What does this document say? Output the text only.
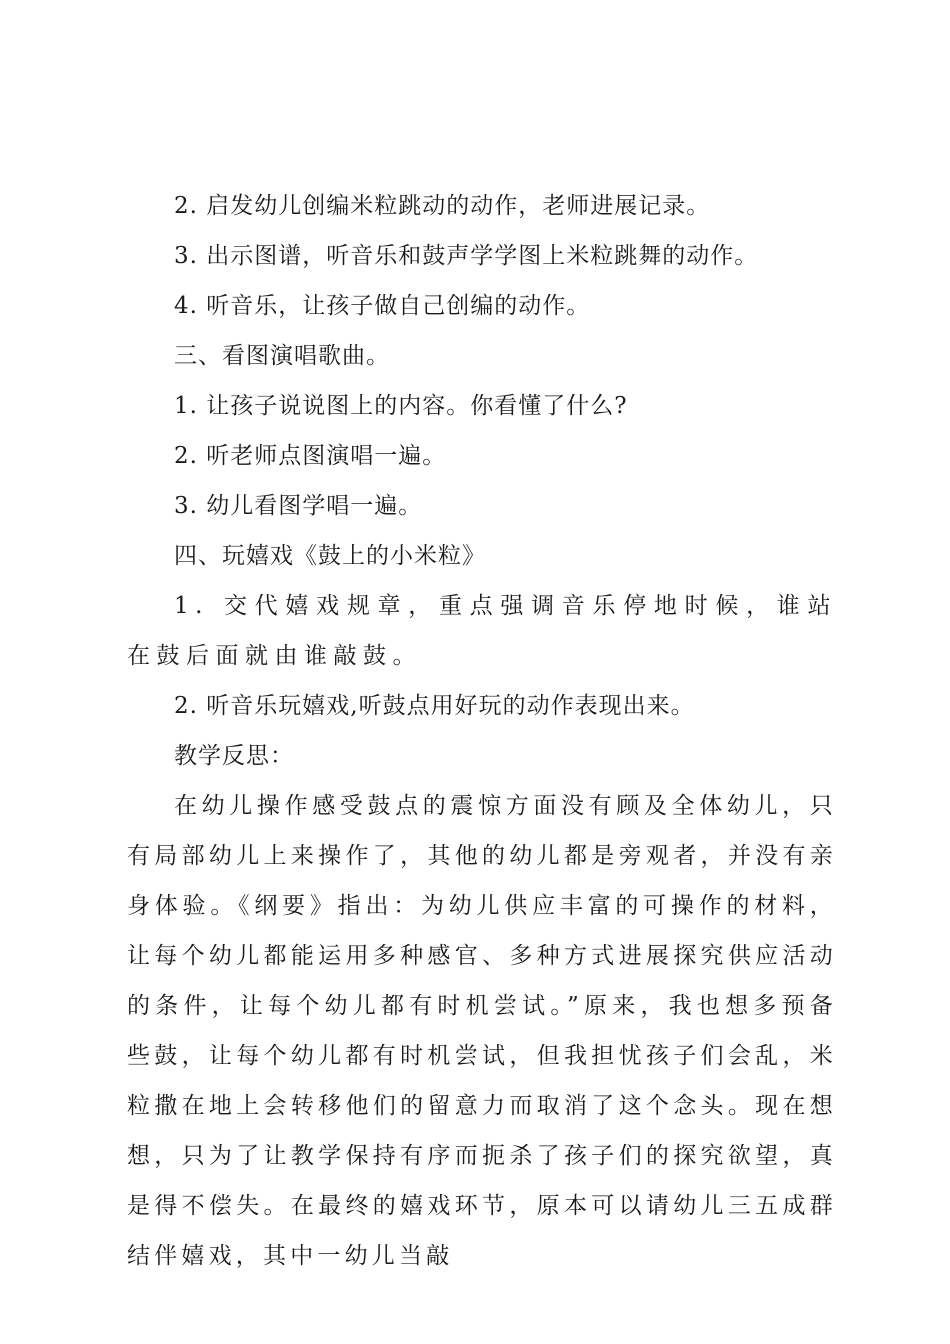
2. 启发幼儿创编米粒跳动的动作，老师进展记录。
3. 出示图谱，听音乐和鼓声学学图上米粒跳舞的动作。
4. 听音乐，让孩子做自己创编的动作。
三、看图演唱歌曲。
1. 让孩子说说图上的内容。你看懂了什么?
2. 听老师点图演唱一遍。
3. 幼儿看图学唱一遍。
四、玩嬉戏《鼓上的小米粒》
1. 交代嬉戏规章，重点强调音乐停地时候，谁站在鼓后面就由谁敲鼓。
2. 听音乐玩嬉戏,听鼓点用好玩的动作表现出来。
教学反思：
在幼儿操作感受鼓点的震惊方面没有顾及全体幼儿，只有局部幼儿上来操作了，其他的幼儿都是旁观者，并没有亲身体验。《纲要》指出：为幼儿供应丰富的可操作的材料，让每个幼儿都能运用多种感官、多种方式进展探究供应活动的条件，让每个幼儿都有时机尝试。”原来，我也想多预备些鼓，让每个幼儿都有时机尝试，但我担忧孩子们会乱，米粒撒在地上会转移他们的留意力而取消了这个念头。现在想想，只为了让教学保持有序而扼杀了孩子们的探究欲望，真是得不偿失。在最终的嬉戏环节，原本可以请幼儿三五成群结伴嬉戏，其中一幼儿当敲
